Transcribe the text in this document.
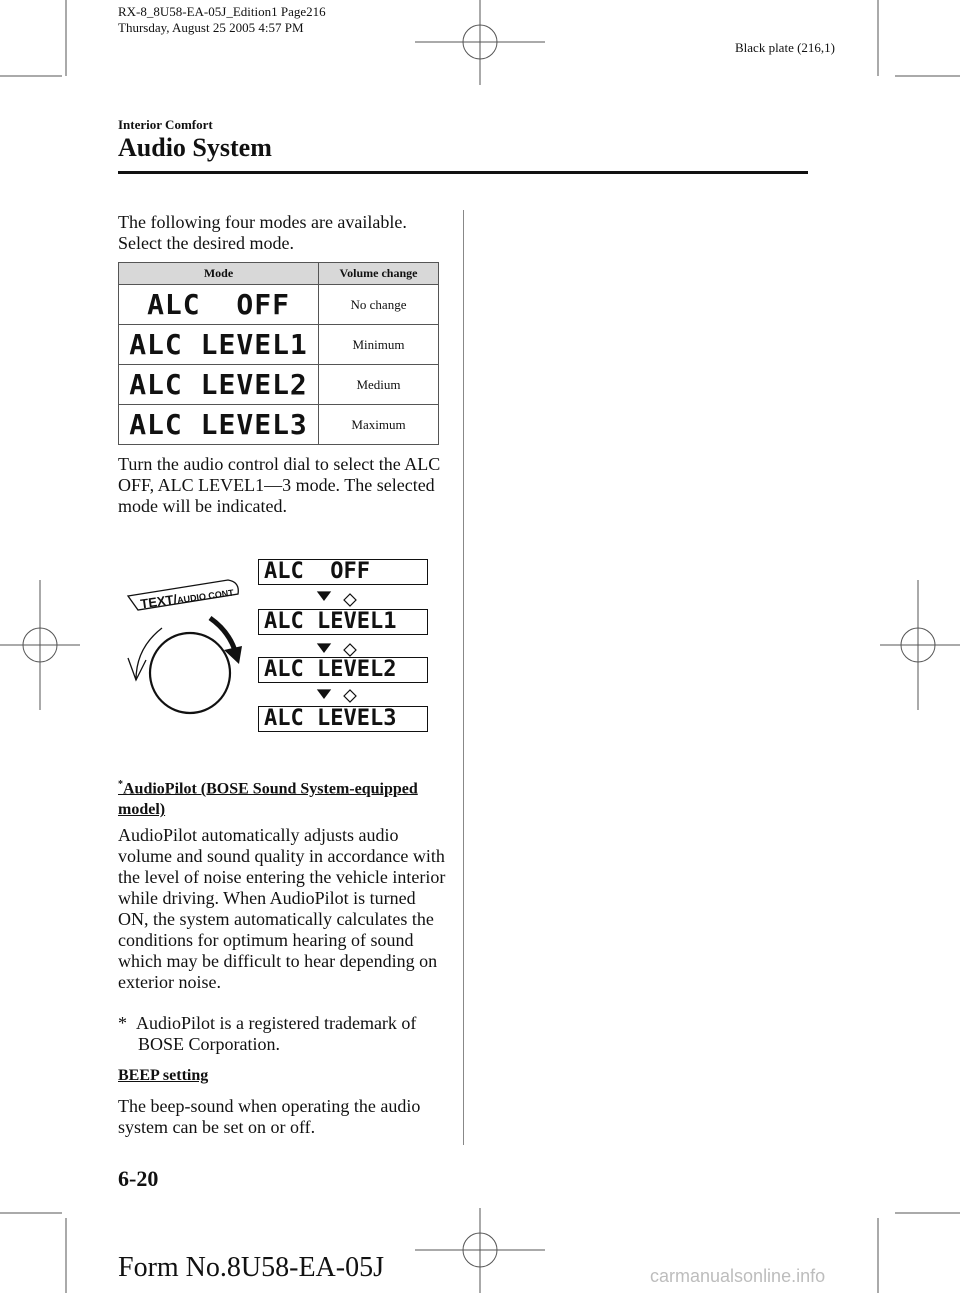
RX-8_8U58-EA-05J_Edition1 Page216
Thursday, August 25 2005 4:57 PM
Black plate (216,1)
Interior Comfort
Audio System
The following four modes are available. Select the desired mode.
Mode	Volume change

ALC  OFF	No change

ALC LEVEL1	Minimum

ALC LEVEL2	Medium

ALC LEVEL3	Maximum
Turn the audio control dial to select the ALC OFF, ALC LEVEL1―3 mode. The selected mode will be indicated.
TEXT/AUDIO CONT
ALC  OFF
ALC LEVEL1
ALC LEVEL2
ALC LEVEL3
*AudioPilot (BOSE Sound System-equipped model)
AudioPilot automatically adjusts audio volume and sound quality in accordance with the level of noise entering the vehicle interior while driving. When AudioPilot is turned ON, the system automatically calculates the conditions for optimum hearing of sound which may be difficult to hear depending on exterior noise.
* AudioPilot is a registered trademark of
BOSE Corporation.
BEEP setting
The beep-sound when operating the audio system can be set on or off.
6-20
Form No.8U58-EA-05J	carmanualsonline.info
